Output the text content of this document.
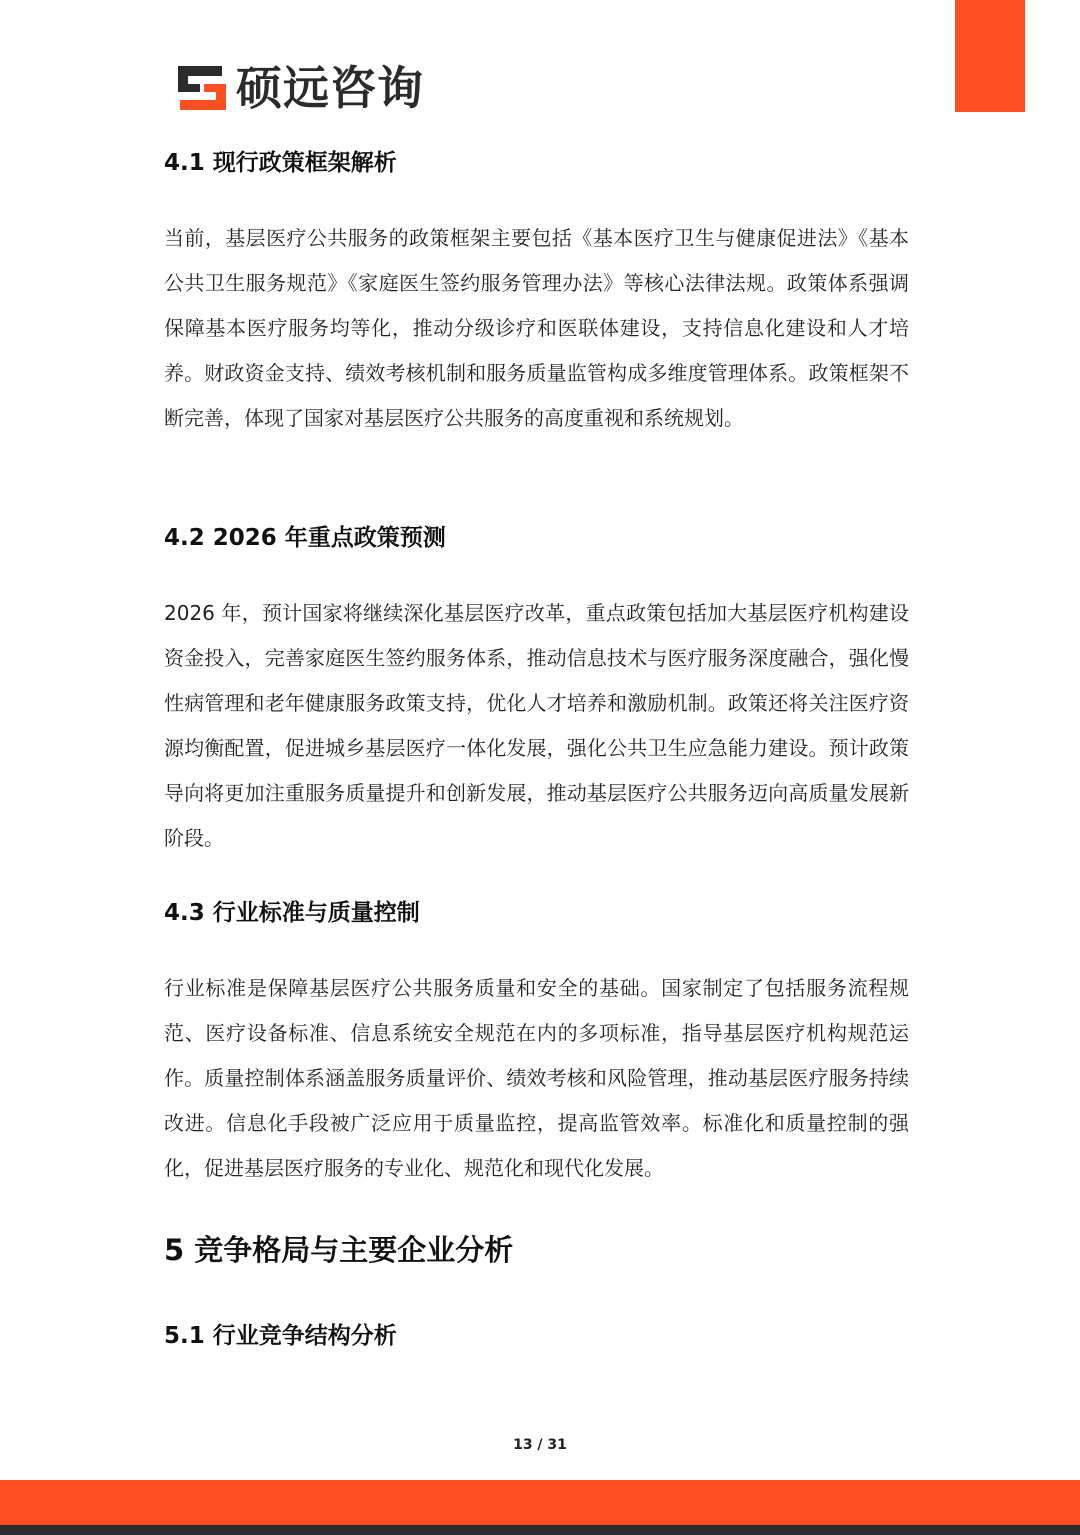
硕远咨询
4.1 现行政策框架解析

当前，基层医疗公共服务的政策框架主要包括《基本医疗卫生与健康促进法》《基本公共卫生服务规范》《家庭医生签约服务管理办法》等核心法律法规。政策体系强调保障基本医疗服务均等化，推动分级诊疗和医联体建设，支持信息化建设和人才培养。财政资金支持、绩效考核机制和服务质量监管构成多维度管理体系。政策框架不断完善，体现了国家对基层医疗公共服务的高度重视和系统规划。

4.2 2026 年重点政策预测

2026 年，预计国家将继续深化基层医疗改革，重点政策包括加大基层医疗机构建设资金投入，完善家庭医生签约服务体系，推动信息技术与医疗服务深度融合，强化慢性病管理和老年健康服务政策支持，优化人才培养和激励机制。政策还将关注医疗资源均衡配置，促进城乡基层医疗一体化发展，强化公共卫生应急能力建设。预计政策导向将更加注重服务质量提升和创新发展，推动基层医疗公共服务迈向高质量发展新阶段。

4.3 行业标准与质量控制

行业标准是保障基层医疗公共服务质量和安全的基础。国家制定了包括服务流程规范、医疗设备标准、信息系统安全规范在内的多项标准，指导基层医疗机构规范运作。质量控制体系涵盖服务质量评价、绩效考核和风险管理，推动基层医疗服务持续改进。信息化手段被广泛应用于质量监控，提高监管效率。标准化和质量控制的强化，促进基层医疗服务的专业化、规范化和现代化发展。

5 竞争格局与主要企业分析
5.1 行业竞争结构分析
13 / 31
